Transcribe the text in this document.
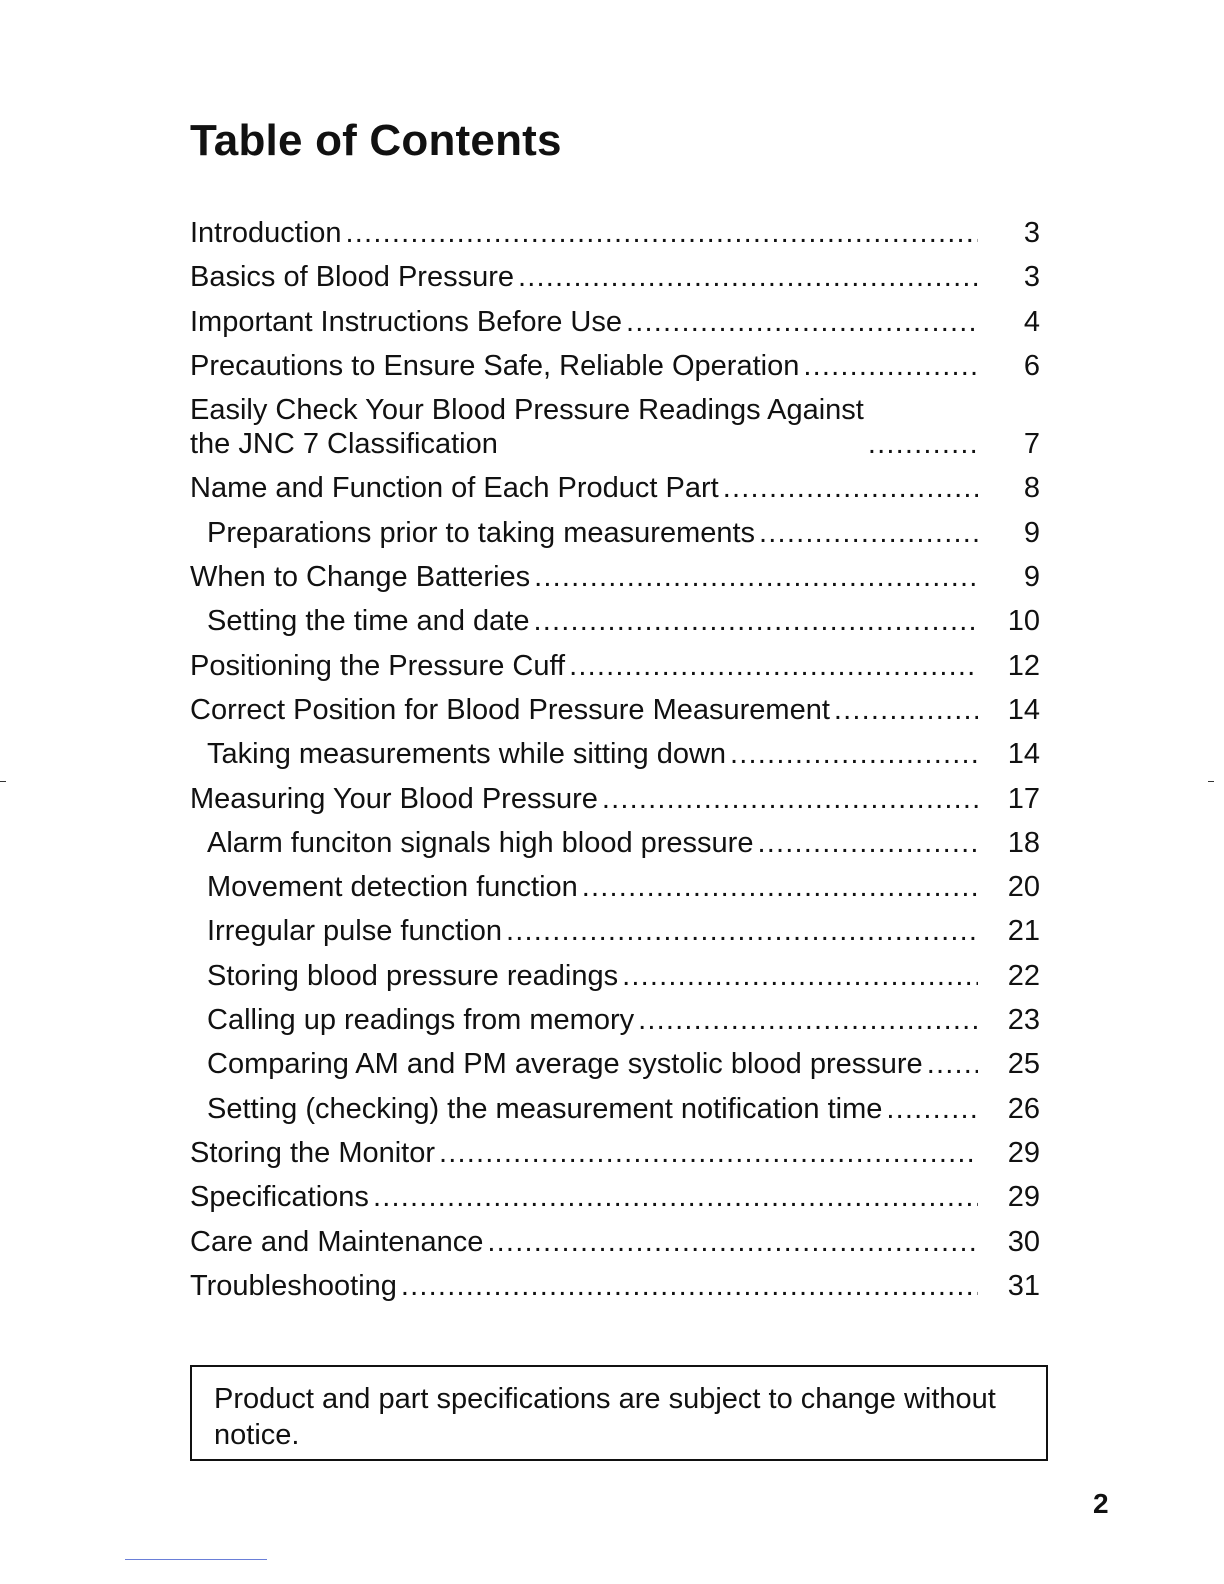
Table of Contents
Introduction .....	3
Basics of Blood Pressure .....	3
Important Instructions Before Use .....	4
Precautions to Ensure Safe, Reliable Operation .....	6
Easily Check Your Blood Pressure Readings Against
the JNC 7 Classification .....	7
Name and Function of Each Product Part .....	8
Preparations prior to taking measurements .....	9
When to Change Batteries .....	9
Setting the time and date .....	10
Positioning the Pressure Cuff .....	12
Correct Position for Blood Pressure Measurement .....	14
Taking measurements while sitting down .....	14
Measuring Your Blood Pressure .....	17
Alarm funciton signals high blood pressure .....	18
Movement detection function .....	20
Irregular pulse function .....	21
Storing blood pressure readings .....	22
Calling up readings from memory .....	23
Comparing AM and PM average systolic blood pressure .....	25
Setting (checking) the measurement notification time .....	26
Storing the Monitor .....	29
Specifications .....	29
Care and Maintenance .....	30
Troubleshooting .....	31
Product and part specifications are subject to change without notice.
2
